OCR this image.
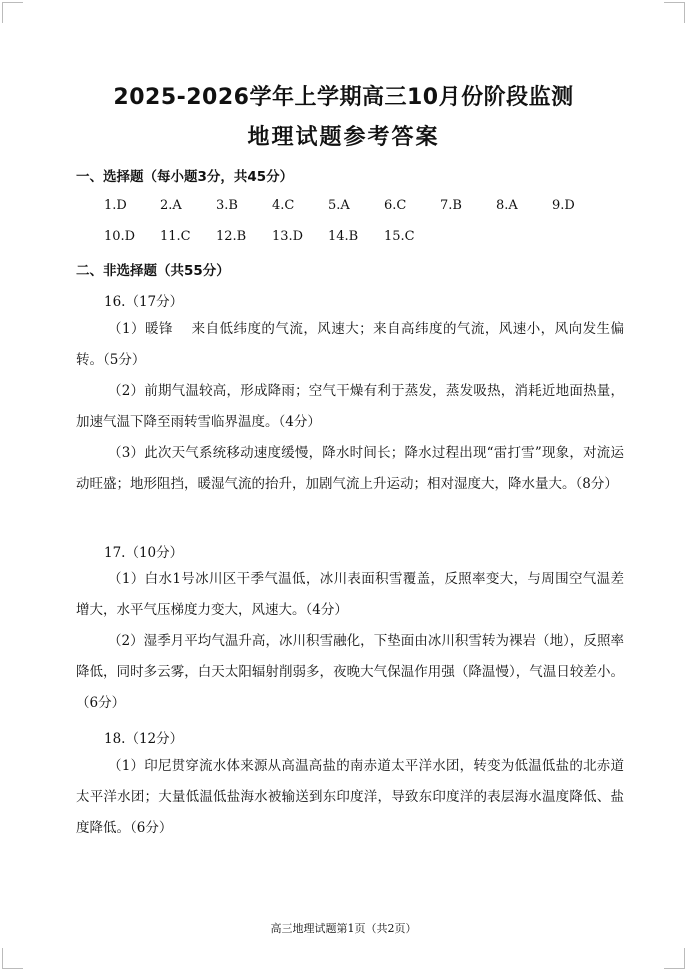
2025-2026学年上学期高三10月份阶段监测
地理试题参考答案
一、选择题（每小题3分，共45分）
1.D	2.A	3.B	4.C	5.A	6.C	7.B	8.A	9.D
10.D 11.C 12.B 13.D 14.B 15.C
二、非选择题（共55分）
16.（17分）
（1）暖锋　 来自低纬度的气流，风速大；来自高纬度的气流，风速小，风向发生偏转。（5分）
（2）前期气温较高，形成降雨；空气干燥有利于蒸发，蒸发吸热，消耗近地面热量，加速气温下降至雨转雪临界温度。（4分）
（3）此次天气系统移动速度缓慢，降水时间长；降水过程出现“雷打雪”现象，对流运动旺盛；地形阻挡，暖湿气流的抬升，加剧气流上升运动；相对湿度大，降水量大。（8分）
17.（10分）
（1）白水1号冰川区干季气温低，冰川表面积雪覆盖，反照率变大，与周围空气温差增大，水平气压梯度力变大，风速大。（4分）
（2）湿季月平均气温升高，冰川积雪融化，下垫面由冰川积雪转为裸岩（地），反照率降低，同时多云雾，白天太阳辐射削弱多，夜晚大气保温作用强（降温慢），气温日较差小。（6分）
18.（12分）
（1）印尼贯穿流水体来源从高温高盐的南赤道太平洋水团，转变为低温低盐的北赤道太平洋水团；大量低温低盐海水被输送到东印度洋，导致东印度洋的表层海水温度降低、盐度降低。（6分）
高三地理试题第1页（共2页）
